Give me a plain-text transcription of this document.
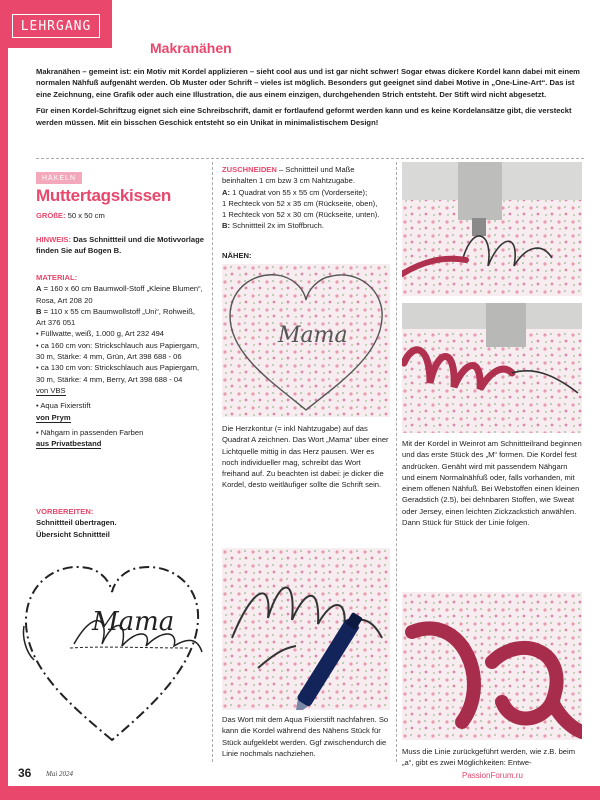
LEHRGANG
Makranähen

Makranähen – gemeint ist: ein Motiv mit Kordel applizieren – sieht cool aus und ist gar nicht schwer! Sogar etwas dickere Kordel kann dabei mit einem normalen Nähfuß aufgenäht werden. Ob Muster oder Schrift – vieles ist möglich. Besonders gut geeignet sind dabei Motive in „One-Line-Art“. Das ist eine Zeichnung, eine Grafik oder auch eine Illustration, die aus einem einzigen, durchgehenden Strich entsteht. Der Stift wird nicht abgesetzt.

Für einen Kordel-Schriftzug eignet sich eine Schreibschrift, damit er fortlaufend geformt werden kann und es keine Kordelansätze gibt, die versteckt werden müssen. Mit ein bisschen Geschick entsteht so ein Unikat in minimalistischem Design!

HÄKELN
Muttertagskissen
GRÖßE: 50 x 50 cm
HINWEIS: Das Schnittteil und die Motivvorlage finden Sie auf Bogen B.

MATERIAL:

A = 160 x 60 cm Baumwoll-Stoff „Kleine Blumen“, Rosa, Art 208 20

B = 110 x 55 cm Baumwollstoff „Uni“, Rohweiß, Art 376 051

• Füllwatte, weiß, 1.000 g, Art 232 494

• ca 160 cm von: Strickschlauch aus Papiergarn, 30 m, Stärke: 4 mm, Grün, Art 398 688 - 06

• ca 130 cm von: Strickschlauch aus Papiergarn, 30 m, Stärke: 4 mm, Berry, Art 398 688 - 04

von VBS

• Aqua Fixierstift

von Prym

• Nähgarn in passenden Farben

aus Privatbestand

VORBEREITEN:

Schnittteil übertragen.

Übersicht Schnittteil

Mama

ZUSCHNEIDEN – Schnittteil und Maße beinhalten 1 cm bzw 3 cm Nahtzugabe.

A: 1 Quadrat von 55 x 55 cm (Vorderseite);

1 Rechteck von 52 x 35 cm (Rückseite, oben),

1 Rechteck von 52 x 30 cm (Rückseite, unten).

B: Schnittteil 2x im Stoffbruch.

NÄHEN:
Mama
Die Herzkontur (= inkl Nahtzugabe) auf das Quadrat A zeichnen. Das Wort „Mama“ über einer Lichtquelle mittig in das Herz pausen. Wer es noch individueller mag, schreibt das Wort freihand auf. Zu beachten ist dabei: je dicker die Kordel, desto weitläufiger sollte die Schrift sein.
Das Wort mit dem Aqua Fixierstift nachfahren. So kann die Kordel während des Nähens Stück für Stück aufgeklebt werden. Ggf zwischendurch die Linie nochmals nachziehen.
Mit der Kordel in Weinrot am Schnittteilrand beginnen und das erste Stück des „M“ formen. Die Kordel fest andrücken. Genäht wird mit passendem Nähgarn und einem Normalnähfuß oder, falls vorhanden, mit einem offenen Nähfuß. Bei Webstoffen einen kleinen Geradstich (2.5), bei dehnbaren Stoffen, wie Sweat oder Jersey, einen leichten Zickzackstich anwählen. Dann Stück für Stück der Linie folgen.
Muss die Linie zurückgeführt werden, wie z.B. beim „a“, gibt es zwei Möglichkeiten: Entwe-
36 Mai 2024	PassionForum.ru
